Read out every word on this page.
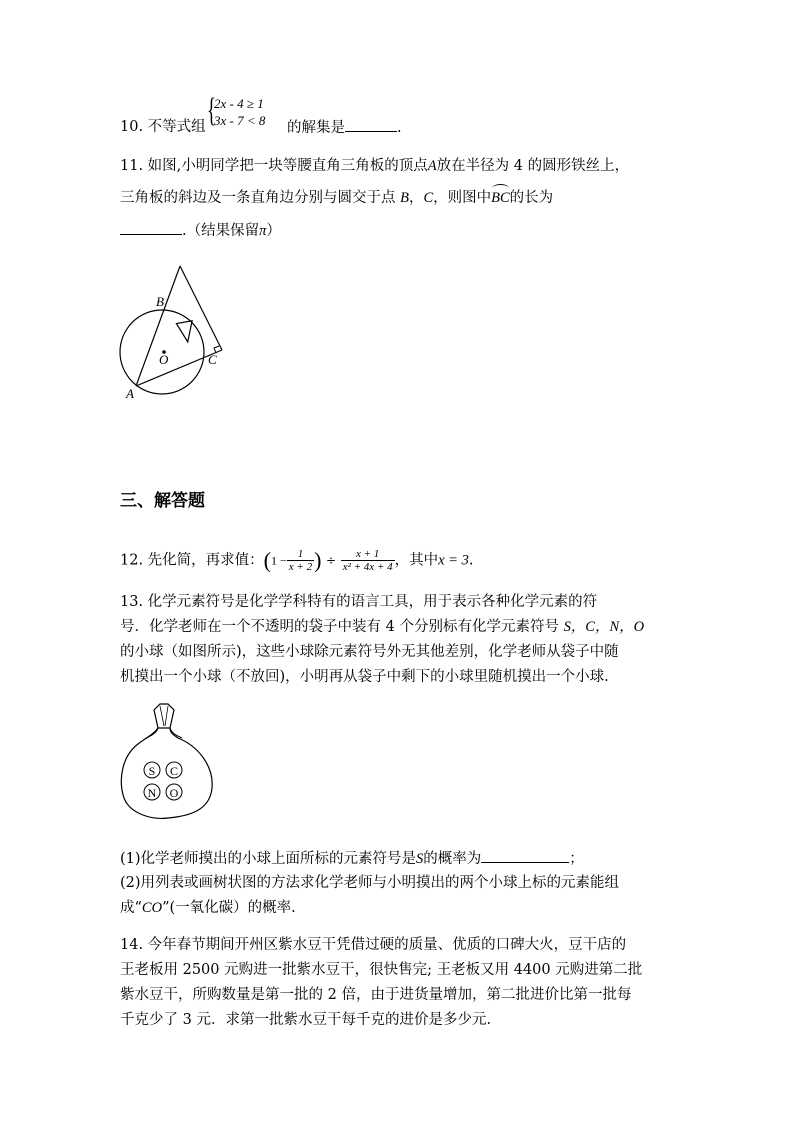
10. 不等式组 {
2x - 4 ≥ 1
3x - 7 < 8 的解集是	.
11. 如图,小明同学把一块等腰直角三角板的顶点A放在半径为 4 的圆形铁丝上，
三角板的斜边及一条直角边分别与圆交于点 B，C，则图中BC的长为
.（结果保留π）
B
O	C
A
三、解答题
12. 先化简，再求值：($1 - \frac{1}{x + 2}$ ) ÷ $\frac{x + 1}{\text{x² + 4x + 4}}$ ，其中x = 3.
13. 化学元素符号是化学学科特有的语言工具，用于表示各种化学元素的符
号．化学老师在一个不透明的袋子中装有 4 个分别标有化学元素符号 S，C，N，O
的小球（如图所示)，这些小球除元素符号外无其他差别，化学老师从袋子中随
机摸出一个小球（不放回)，小明再从袋子中剩下的小球里随机摸出一个小球.
S C
N O
(1)化学老师摸出的小球上面所标的元素符号是S的概率为	；
(2)用列表或画树状图的方法求化学老师与小明摸出的两个小球上标的元素能组
成“CO”(一氧化碳）的概率.
14. 今年春节期间开州区紫水豆干凭借过硬的质量、优质的口碑大火，豆干店的
王老板用 2500 元购进一批紫水豆干，很快售完; 王老板又用 4400 元购进第二批
紫水豆干，所购数量是第一批的 2 倍，由于进货量增加，第二批进价比第一批每
千克少了 3 元．求第一批紫水豆干每千克的进价是多少元.
